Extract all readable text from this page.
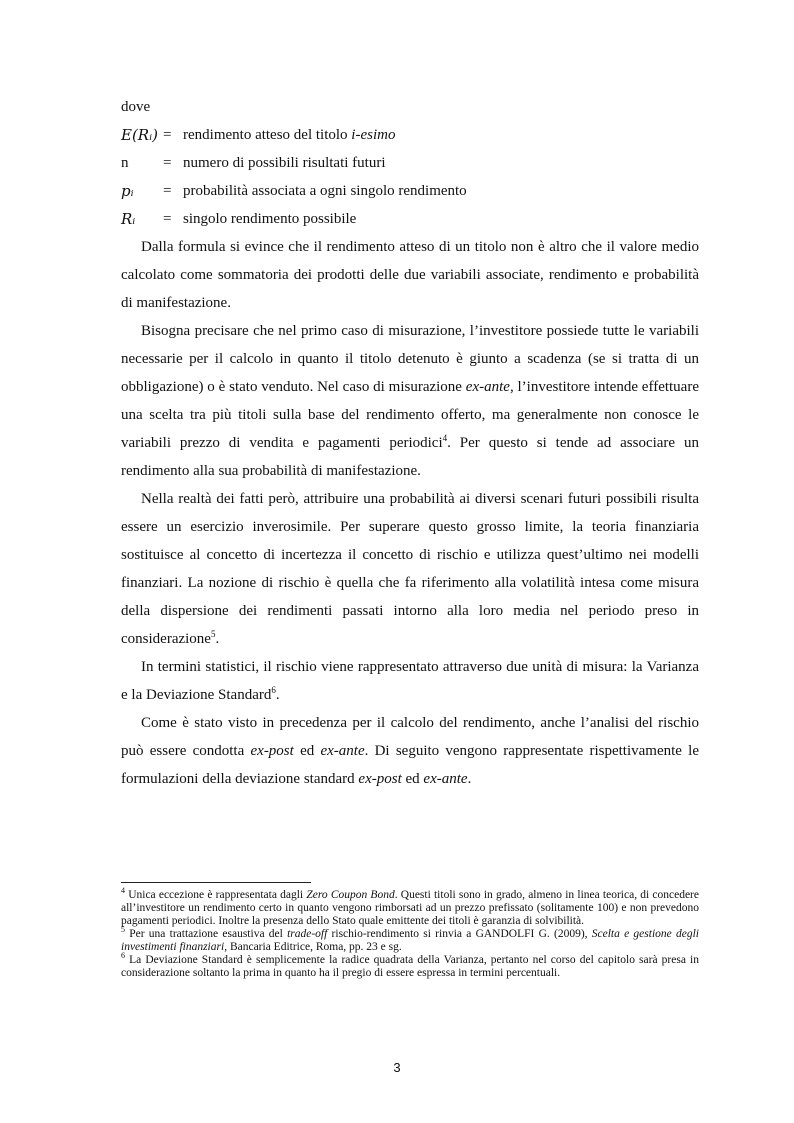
dove

E(Rᵢ) = rendimento atteso del titolo i-esimo
n	= numero di possibili risultati futuri
pᵢ	= probabilità associata a ogni singolo rendimento
Rᵢ	= singolo rendimento possibile

Dalla formula si evince che il rendimento atteso di un titolo non è altro che il valore medio calcolato come sommatoria dei prodotti delle due variabili associate, rendimento e probabilità di manifestazione.

Bisogna precisare che nel primo caso di misurazione, l’investitore possiede tutte le variabili necessarie per il calcolo in quanto il titolo detenuto è giunto a scadenza (se si tratta di un obbligazione) o è stato venduto. Nel caso di misurazione ex-ante, l’investitore intende effettuare una scelta tra più titoli sulla base del rendimento offerto, ma generalmente non conosce le variabili prezzo di vendita e pagamenti periodici$^4$. Per questo si tende ad associare un rendimento alla sua probabilità di manifestazione.

Nella realtà dei fatti però, attribuire una probabilità ai diversi scenari futuri possibili risulta essere un esercizio inverosimile. Per superare questo grosso limite, la teoria finanziaria sostituisce al concetto di incertezza il concetto di rischio e utilizza quest’ultimo nei modelli finanziari. La nozione di rischio è quella che fa riferimento alla volatilità intesa come misura della dispersione dei rendimenti passati intorno alla loro media nel periodo preso in considerazione$^5$.

In termini statistici, il rischio viene rappresentato attraverso due unità di misura: la Varianza e la Deviazione Standard$^6$.

Come è stato visto in precedenza per il calcolo del rendimento, anche l’analisi del rischio può essere condotta ex-post ed ex-ante. Di seguito vengono rappresentate rispettivamente le formulazioni della deviazione standard ex-post ed ex-ante.

$^4$ Unica eccezione è rappresentata dagli Zero Coupon Bond. Questi titoli sono in grado, almeno in linea teorica, di concedere all’investitore un rendimento certo in quanto vengono rimborsati ad un prezzo prefissato (solitamente 100) e non prevedono pagamenti periodici. Inoltre la presenza dello Stato quale emittente dei titoli è garanzia di solvibilità.

$^5$ Per una trattazione esaustiva del trade-off rischio-rendimento si rinvia a GANDOLFI G. (2009), Scelta e gestione degli investimenti finanziari, Bancaria Editrice, Roma, pp. 23 e sg.

$^6$ La Deviazione Standard è semplicemente la radice quadrata della Varianza, pertanto nel corso del capitolo sarà presa in considerazione soltanto la prima in quanto ha il pregio di essere espressa in termini percentuali.

3
